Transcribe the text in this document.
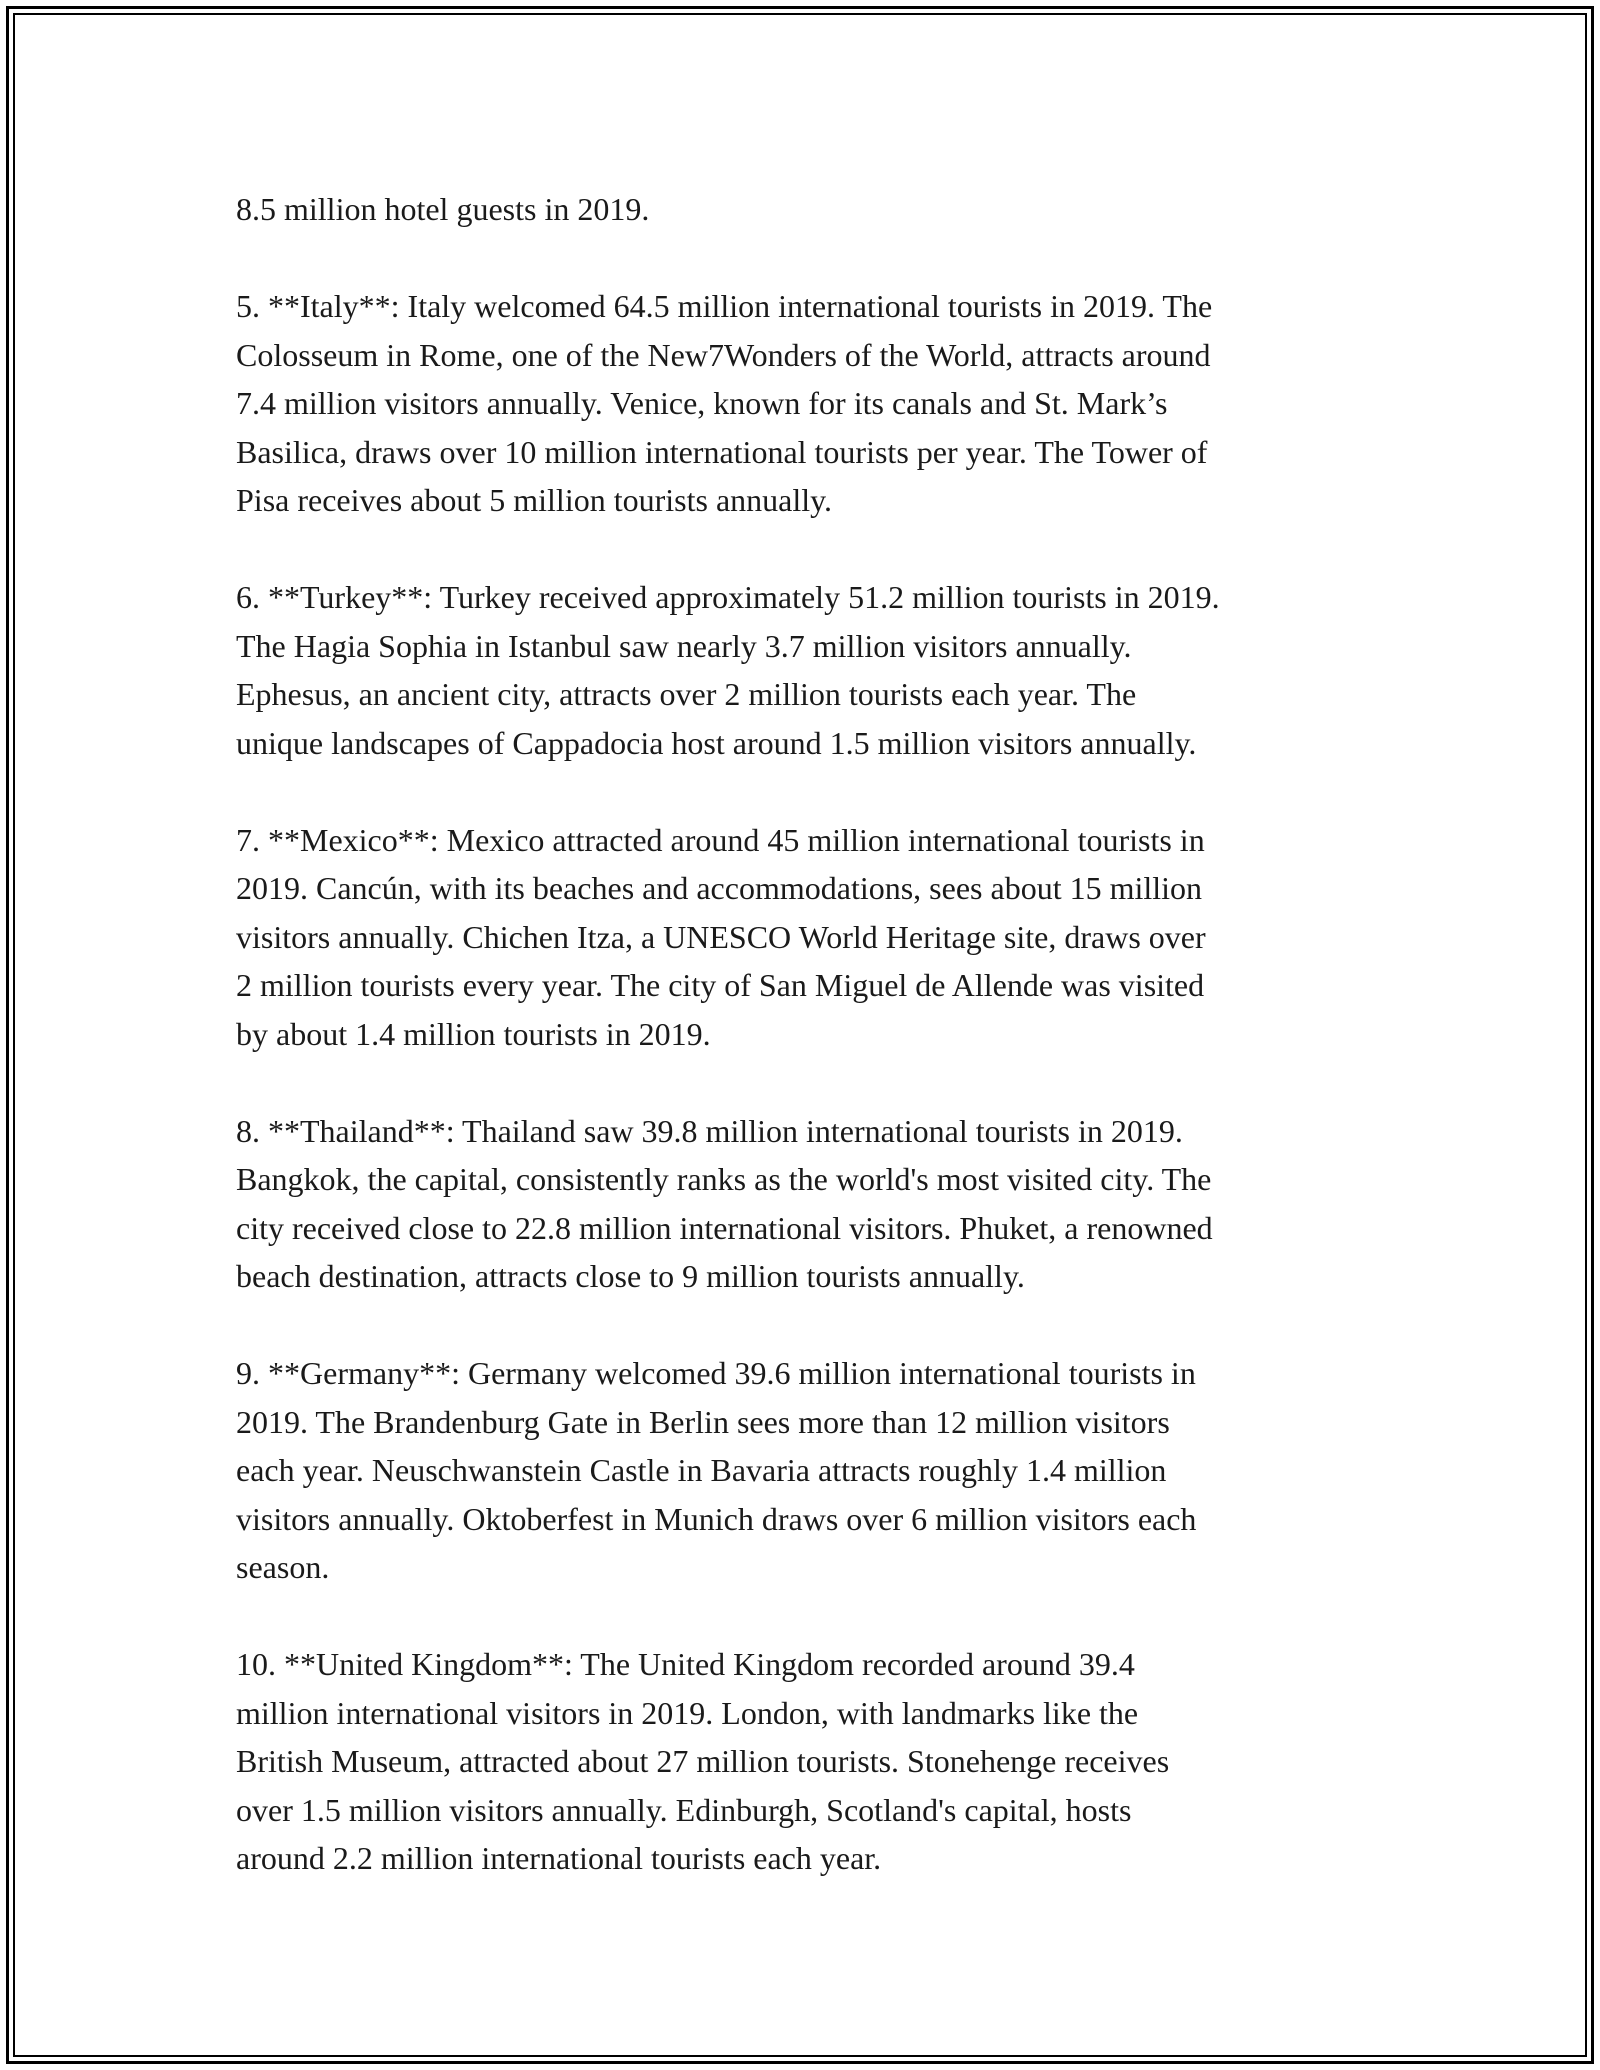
8.5 million hotel guests in 2019.

5. **Italy**: Italy welcomed 64.5 million international tourists in 2019. The
Colosseum in Rome, one of the New7Wonders of the World, attracts around
7.4 million visitors annually. Venice, known for its canals and St. Mark’s
Basilica, draws over 10 million international tourists per year. The Tower of
Pisa receives about 5 million tourists annually.

6. **Turkey**: Turkey received approximately 51.2 million tourists in 2019.
The Hagia Sophia in Istanbul saw nearly 3.7 million visitors annually.
Ephesus, an ancient city, attracts over 2 million tourists each year. The
unique landscapes of Cappadocia host around 1.5 million visitors annually.

7. **Mexico**: Mexico attracted around 45 million international tourists in
2019. Cancún, with its beaches and accommodations, sees about 15 million
visitors annually. Chichen Itza, a UNESCO World Heritage site, draws over
2 million tourists every year. The city of San Miguel de Allende was visited
by about 1.4 million tourists in 2019.

8. **Thailand**: Thailand saw 39.8 million international tourists in 2019.
Bangkok, the capital, consistently ranks as the world's most visited city. The
city received close to 22.8 million international visitors. Phuket, a renowned
beach destination, attracts close to 9 million tourists annually.

9. **Germany**: Germany welcomed 39.6 million international tourists in
2019. The Brandenburg Gate in Berlin sees more than 12 million visitors
each year. Neuschwanstein Castle in Bavaria attracts roughly 1.4 million
visitors annually. Oktoberfest in Munich draws over 6 million visitors each
season.

10. **United Kingdom**: The United Kingdom recorded around 39.4
million international visitors in 2019. London, with landmarks like the
British Museum, attracted about 27 million tourists. Stonehenge receives
over 1.5 million visitors annually. Edinburgh, Scotland's capital, hosts
around 2.2 million international tourists each year.
